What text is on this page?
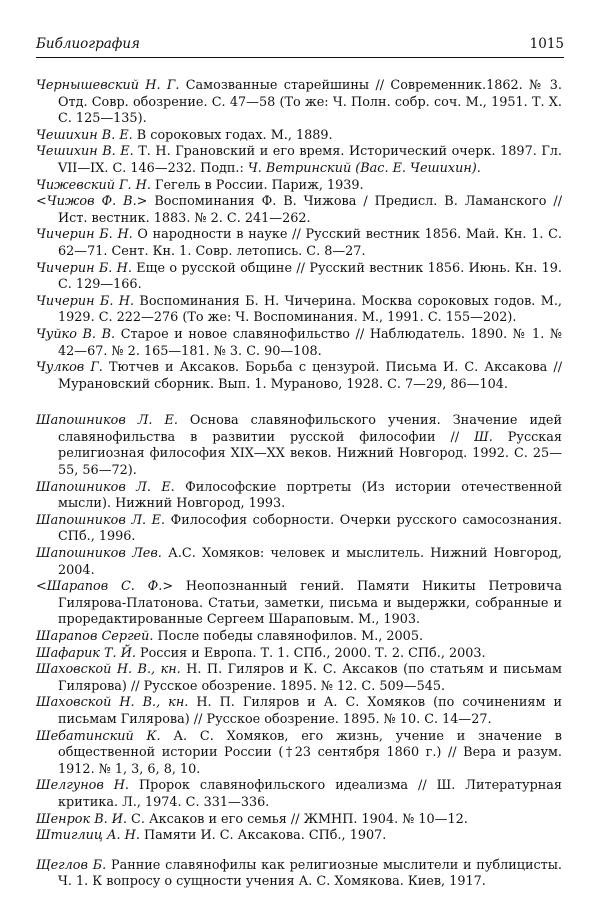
Библиография	1015

Чернышевский Н. Г. Самозванные старейшины // Современник.1862. № 3. Отд. Совр. обозрение. С. 47—58 (То же: Ч. Полн. собр. соч. М., 1951. Т. X. С. 125—135).

Чешихин В. Е. В сороковых годах. М., 1889.

Чешихин В. Е. Т. Н. Грановский и его время. Исторический очерк. 1897. Гл. VII—IX. С. 146—232. Подп.: Ч. Ветринский (Вас. Е. Чешихин).

Чижевский Г. Н. Гегель в России. Париж, 1939.

<Чижов Ф. В.> Воспоминания Ф. В. Чижова / Предисл. В. Ламанского // Ист. вестник. 1883. № 2. С. 241—262.

Чичерин Б. Н. О народности в науке // Русский вестник 1856. Май. Кн. 1. С. 62—71. Сент. Кн. 1. Совр. летопись. С. 8—27.

Чичерин Б. Н. Еще о русской общине // Русский вестник 1856. Июнь. Кн. 19. С. 129—166.

Чичерин Б. Н. Воспоминания Б. Н. Чичерина. Москва сороковых годов. М., 1929. С. 222—276 (То же: Ч. Воспоминания. М., 1991. С. 155—202).

Чуйко В. В. Старое и новое славянофильство // Наблюдатель. 1890. № 1. № 42—67. № 2. 165—181. № 3. С. 90—108.

Чулков Г. Тютчев и Аксаков. Борьба с цензурой. Письма И. С. Аксакова // Мурановский сборник. Вып. 1. Мураново, 1928. С. 7—29, 86—104.

Шапошников Л. Е. Основа славянофильского учения. Значение идей славянофильства в развитии русской философии // Ш. Русская религиозная философия XIX—XX веков. Нижний Новгород. 1992. С. 25—55, 56—72).

Шапошников Л. Е. Философские портреты (Из истории отечественной мысли). Нижний Новгород, 1993.

Шапошников Л. Е. Философия соборности. Очерки русского самосознания. СПб., 1996.

Шапошников Лев. А.С. Хомяков: человек и мыслитель. Нижний Новгород, 2004.

<Шарапов С. Ф.> Неопознанный гений. Памяти Никиты Петровича Гилярова-Платонова. Статьи, заметки, письма и выдержки, собранные и проредактированные Сергеем Шараповым. М., 1903.

Шарапов Сергей. После победы славянофилов. М., 2005.

Шафарик Т. Й. Россия и Европа. Т. 1. СПб., 2000. Т. 2. СПб., 2003.

Шаховской Н. В., кн. Н. П. Гиляров и К. С. Аксаков (по статьям и письмам Гилярова) // Русское обозрение. 1895. № 12. С. 509—545.

Шаховской Н. В., кн. Н. П. Гиляров и А. С. Хомяков (по сочинениям и письмам Гилярова) // Русское обозрение. 1895. № 10. С. 14—27.

Шебатинский К. А. С. Хомяков, его жизнь, учение и значение в общественной истории России (†23 сентября 1860 г.) // Вера и разум. 1912. № 1, 3, 6, 8, 10.

Шелгунов Н. Пророк славянофильского идеализма // Ш. Литературная критика. Л., 1974. С. 331—336.

Шенрок В. И. С. Аксаков и его семья // ЖМНП. 1904. № 10—12.

Штиглиц А. Н. Памяти И. С. Аксакова. СПб., 1907.

Щеглов Б. Ранние славянофилы как религиозные мыслители и публицисты. Ч. 1. К вопросу о сущности учения А. С. Хомякова. Киев, 1917.
